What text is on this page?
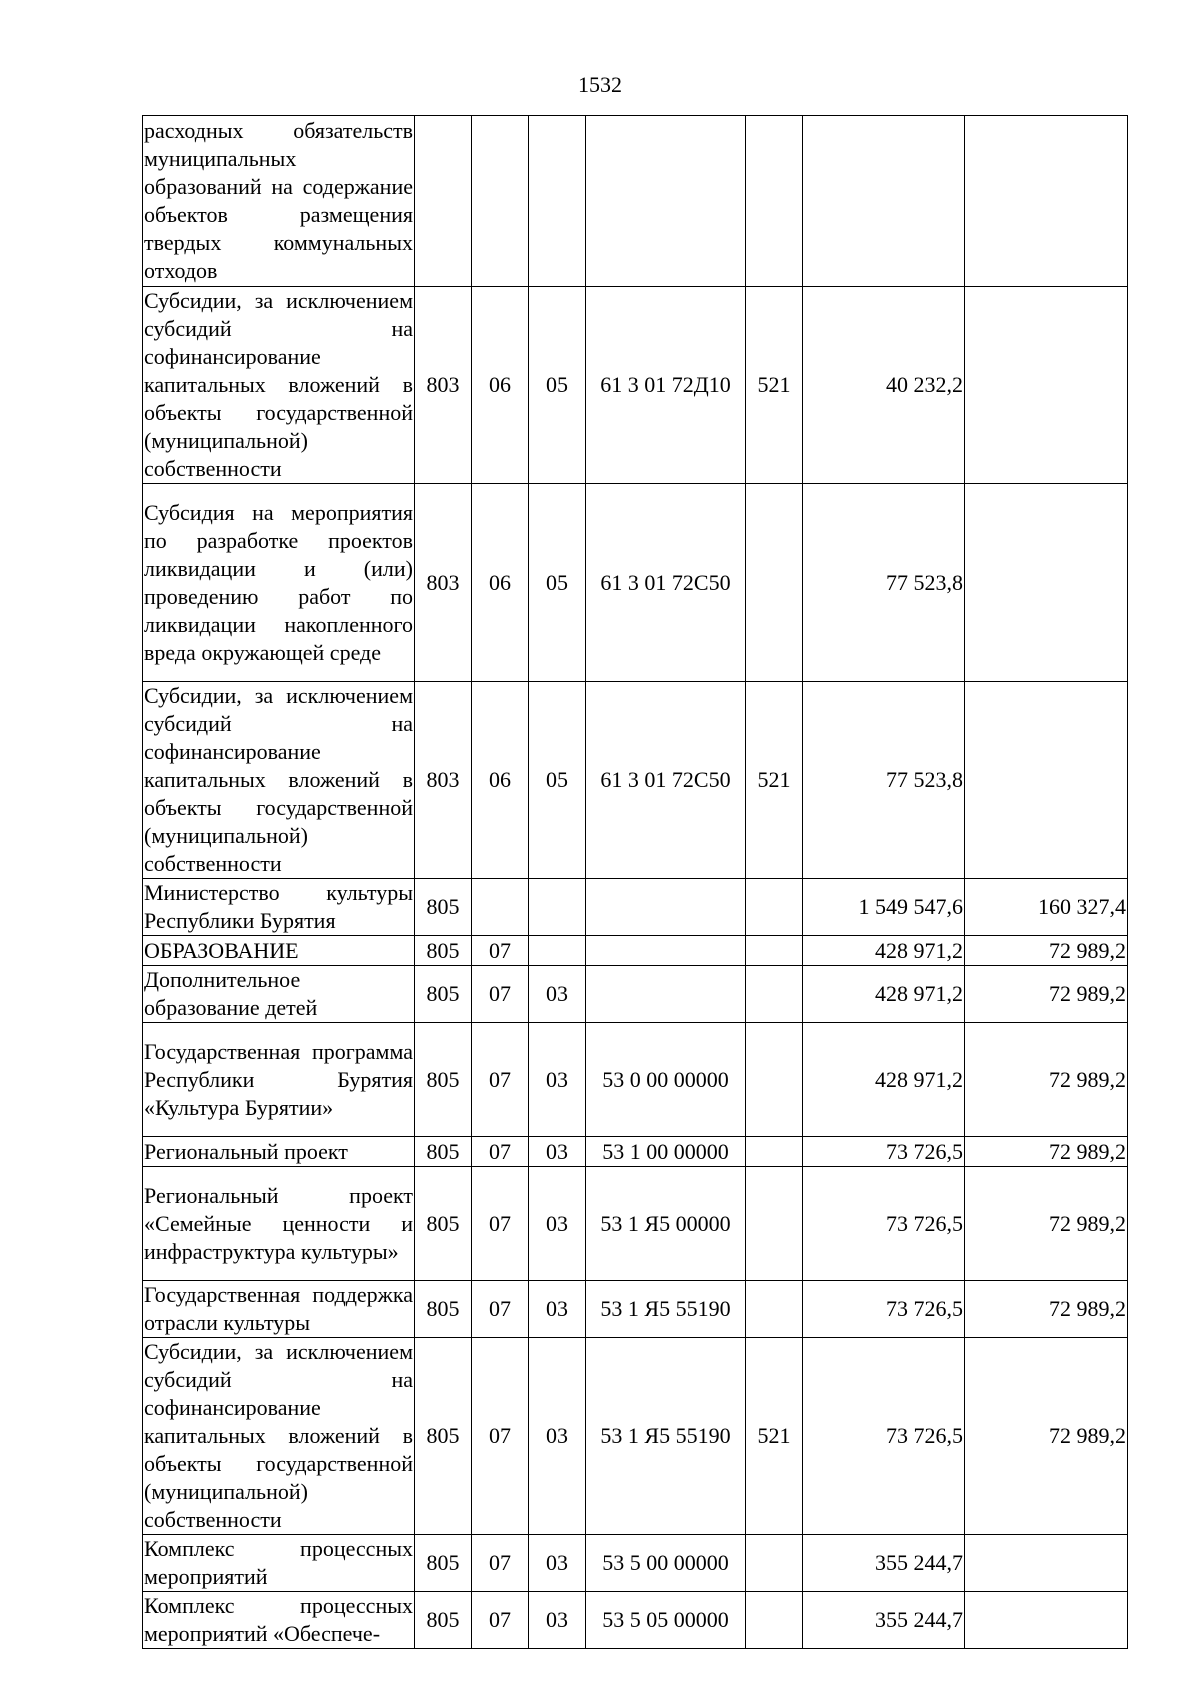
1532
расходных обязательств муниципальных образований на содержание объектов размещения твердых коммунальных отходов							
Субсидии, за исключением субсидий на софинансирование капитальных вложений в объекты государственной (муниципальной) собственности	803	06	05	61 3 01 72Д10	521	40 232,2	
Субсидия на мероприятия по разработке проектов ликвидации и (или) проведению работ по ликвидации накопленного вреда окружающей среде	803	06	05	61 3 01 72С50		77 523,8	
Субсидии, за исключением субсидий на софинансирование капитальных вложений в объекты государственной (муниципальной) собственности	803	06	05	61 3 01 72С50	521	77 523,8	
Министерство культуры Республики Бурятия	805					1 549 547,6	160 327,4
ОБРАЗОВАНИЕ	805	07				428 971,2	72 989,2
Дополнительное образование детей	805	07	03			428 971,2	72 989,2
Государственная программа Республики Бурятия «Культура Бурятии»	805	07	03	53 0 00 00000		428 971,2	72 989,2
Региональный проект	805	07	03	53 1 00 00000		73 726,5	72 989,2
Региональный проект «Семейные ценности и инфраструктура культуры»	805	07	03	53 1 Я5 00000		73 726,5	72 989,2
Государственная поддержка отрасли культуры	805	07	03	53 1 Я5 55190		73 726,5	72 989,2
Субсидии, за исключением субсидий на софинансирование капитальных вложений в объекты государственной (муниципальной) собственности	805	07	03	53 1 Я5 55190	521	73 726,5	72 989,2
Комплекс процессных мероприятий	805	07	03	53 5 00 00000		355 244,7	
Комплекс процессных мероприятий «Обеспече-	805	07	03	53 5 05 00000		355 244,7	
